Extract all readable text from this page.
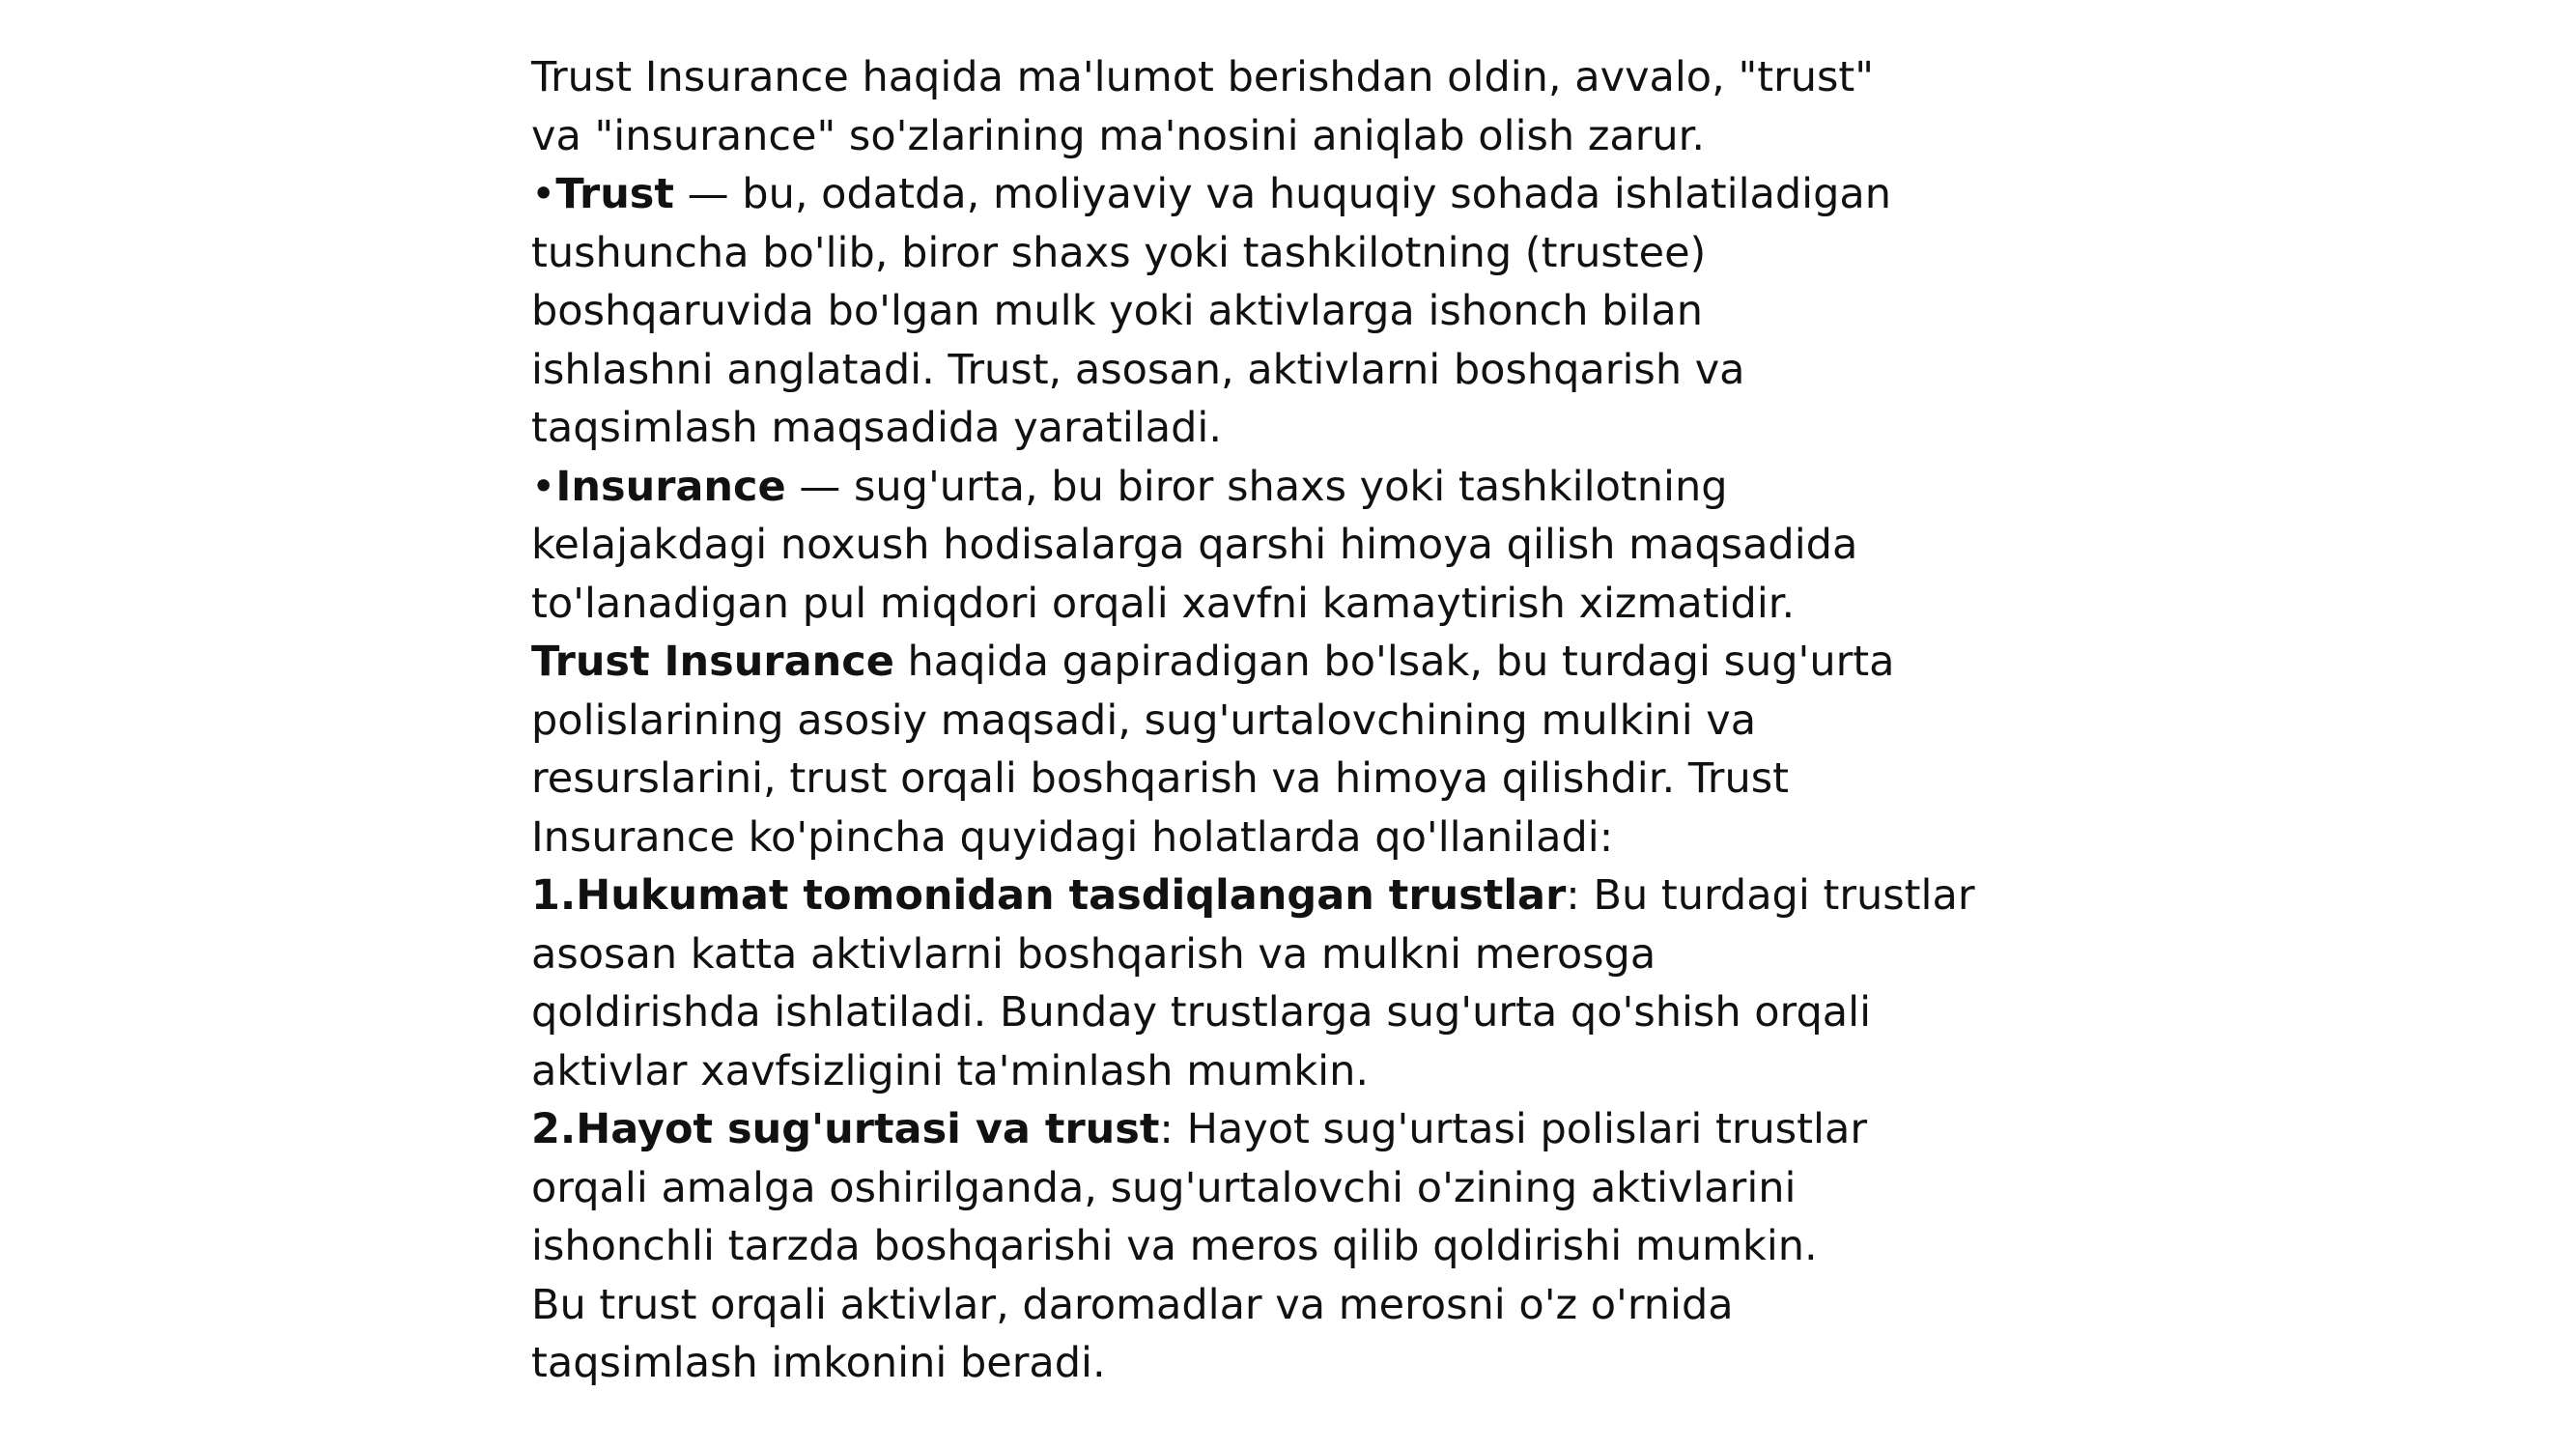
Trust Insurance haqida ma'lumot berishdan oldin, avvalo, "trust"
va "insurance" so'zlarining ma'nosini aniqlab olish zarur.
•Trust — bu, odatda, moliyaviy va huquqiy sohada ishlatiladigan
tushuncha bo'lib, biror shaxs yoki tashkilotning (trustee)
boshqaruvida bo'lgan mulk yoki aktivlarga ishonch bilan
ishlashni anglatadi. Trust, asosan, aktivlarni boshqarish va
taqsimlash maqsadida yaratiladi.
•Insurance — sug'urta, bu biror shaxs yoki tashkilotning
kelajakdagi noxush hodisalarga qarshi himoya qilish maqsadida
to'lanadigan pul miqdori orqali xavfni kamaytirish xizmatidir.
Trust Insurance haqida gapiradigan bo'lsak, bu turdagi sug'urta
polislarining asosiy maqsadi, sug'urtalovchining mulkini va
resurslarini, trust orqali boshqarish va himoya qilishdir. Trust
Insurance ko'pincha quyidagi holatlarda qo'llaniladi:
1.Hukumat tomonidan tasdiqlangan trustlar: Bu turdagi trustlar
asosan katta aktivlarni boshqarish va mulkni merosga
qoldirishda ishlatiladi. Bunday trustlarga sug'urta qo'shish orqali
aktivlar xavfsizligini ta'minlash mumkin.
2.Hayot sug'urtasi va trust: Hayot sug'urtasi polislari trustlar
orqali amalga oshirilganda, sug'urtalovchi o'zining aktivlarini
ishonchli tarzda boshqarishi va meros qilib qoldirishi mumkin.
Bu trust orqali aktivlar, daromadlar va merosni o'z o'rnida
taqsimlash imkonini beradi.
